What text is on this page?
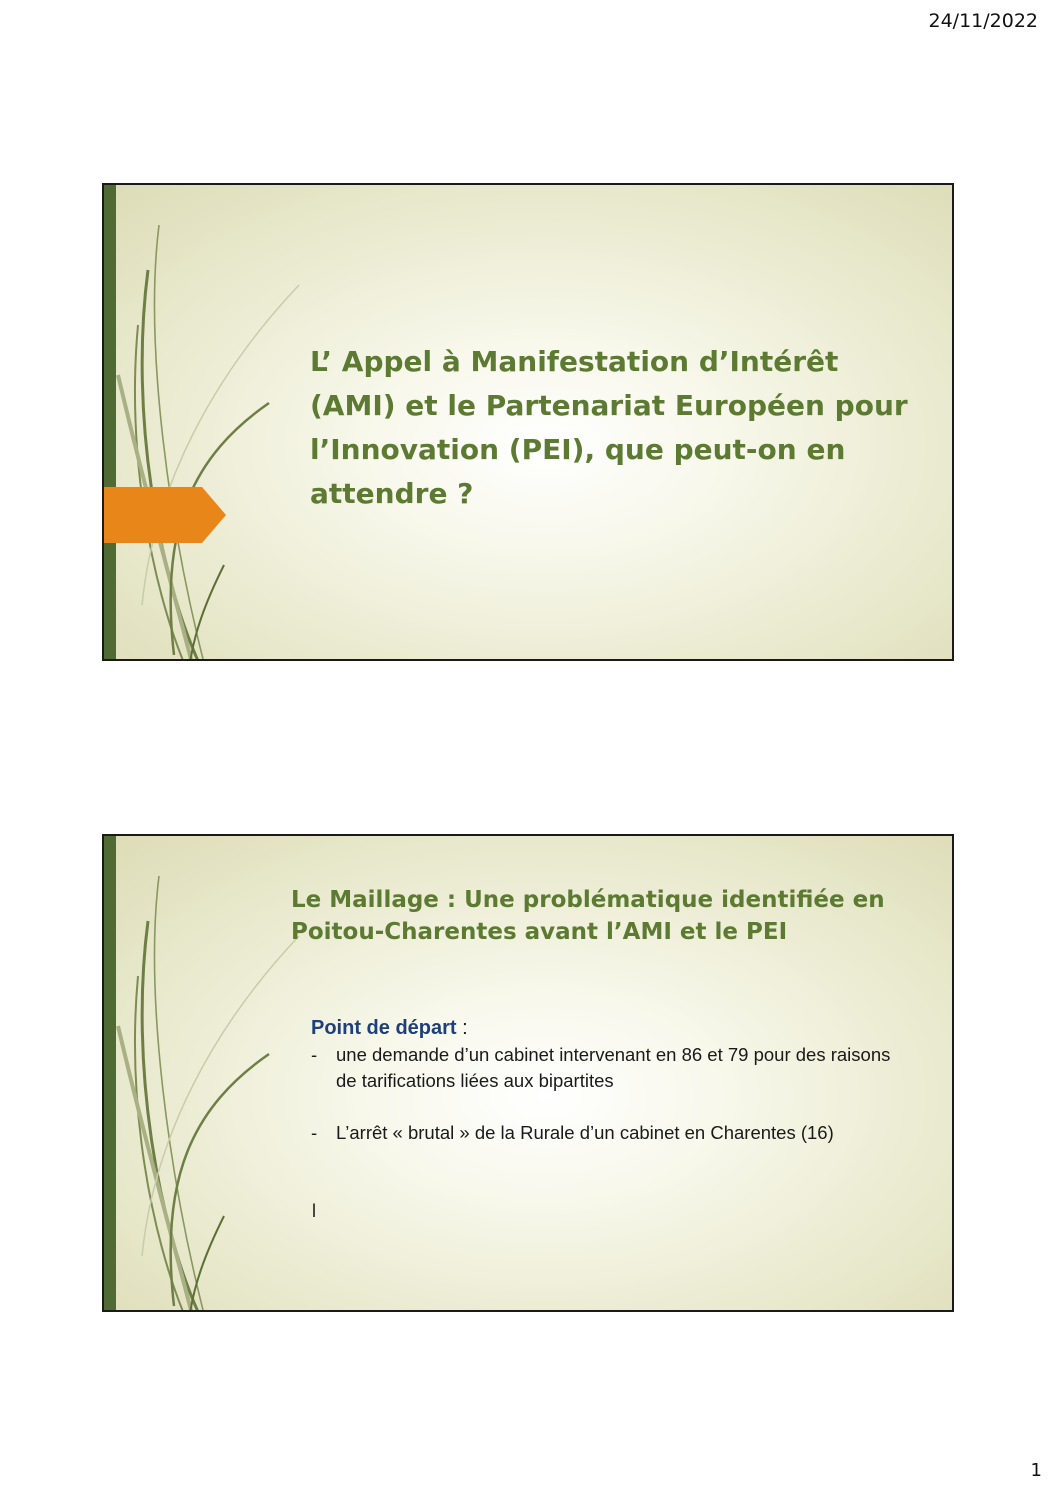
24/11/2022
L’ Appel à Manifestation d’Intérêt (AMI) et le Partenariat Européen pour l’Innovation (PEI), que peut-on en attendre ?
Le Maillage : Une problématique identifiée en Poitou-Charentes avant l’AMI et le PEI
Point de départ :
- une demande d’un cabinet intervenant en 86 et 79 pour des raisons de tarifications liées aux bipartites
- L’arrêt « brutal » de la Rurale d’un cabinet en Charentes (16)
l
1
